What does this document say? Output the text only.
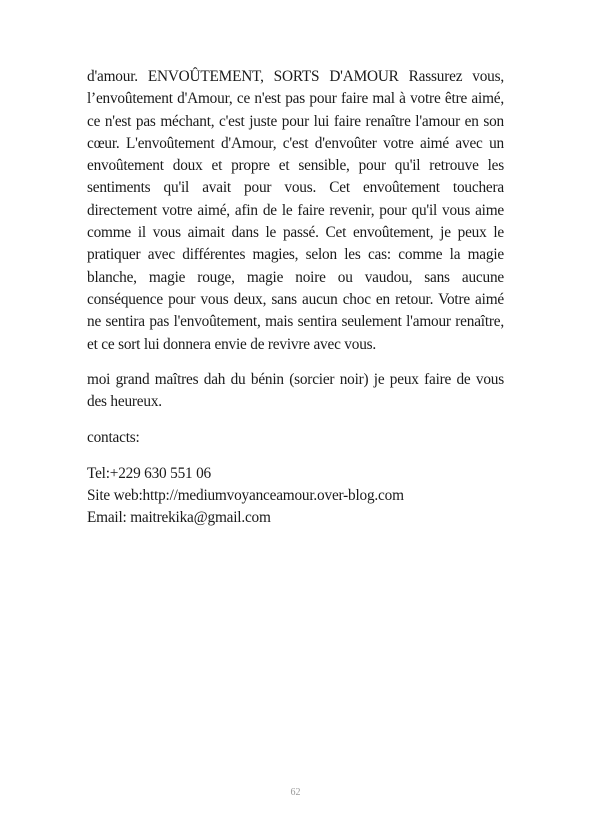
d'amour. ENVOÛTEMENT, SORTS D'AMOUR Rassurez vous, l’envoûtement d'Amour, ce n'est pas pour faire mal à votre être aimé, ce n'est pas méchant, c'est juste pour lui faire renaître l'amour en son cœur. L'envoûtement d'Amour, c'est d'envoûter votre aimé avec un envoûtement doux et propre et sensible, pour qu'il retrouve les sentiments qu'il avait pour vous. Cet envoûtement touchera directement votre aimé, afin de le faire revenir, pour qu'il vous aime comme il vous aimait dans le passé. Cet envoûtement, je peux le pratiquer avec différentes magies, selon les cas: comme la magie blanche, magie rouge, magie noire ou vaudou, sans aucune conséquence pour vous deux, sans aucun choc en retour. Votre aimé ne sentira pas l'envoûtement, mais sentira seulement l'amour renaître, et ce sort lui donnera envie de revivre avec vous.

moi grand maîtres dah du bénin (sorcier noir) je peux faire de vous des heureux.

contacts:

Tel:+229 630 551 06

Site web:http://mediumvoyanceamour.over-blog.com

Email: maitrekika@gmail.com

62
